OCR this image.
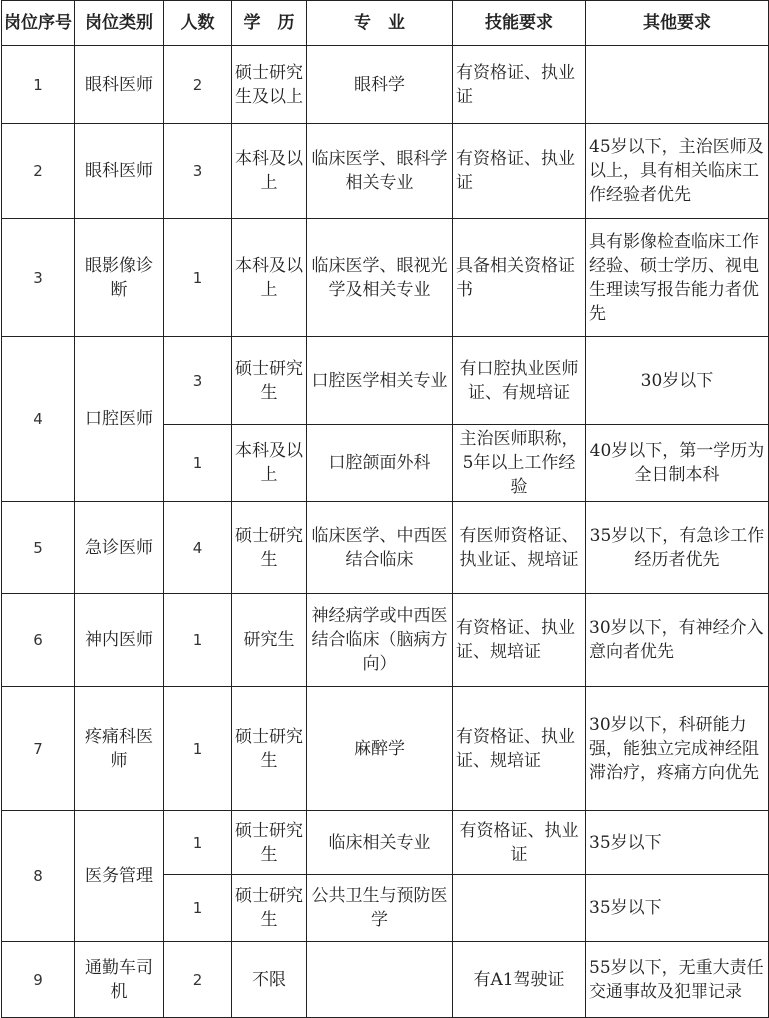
岗位序号	岗位类别	人数	学　历	专　业	技能要求	其他要求
1	眼科医师	2	硕士研究生及以上	眼科学	有资格证、执业证	
2	眼科医师	3	本科及以上	临床医学、眼科学相关专业	有资格证、执业证	45岁以下，主治医师及以上，具有相关临床工作经验者优先
3	眼影像诊断	1	本科及以上	临床医学、眼视光学及相关专业	具备相关资格证书	具有影像检查临床工作经验、硕士学历、视电生理读写报告能力者优先
4	口腔医师	3	硕士研究生	口腔医学相关专业	有口腔执业医师证、有规培证	30岁以下
		1	本科及以上	口腔颌面外科	主治医师职称，5年以上工作经验	40岁以下，第一学历为全日制本科
5	急诊医师	4	硕士研究生	临床医学、中西医结合临床	有医师资格证、执业证、规培证	35岁以下，有急诊工作经历者优先
6	神内医师	1	研究生	神经病学或中西医结合临床（脑病方向）	有资格证、执业证、规培证	30岁以下，有神经介入意向者优先
7	疼痛科医师	1	硕士研究生	麻醉学	有资格证、执业证、规培证	30岁以下，科研能力强，能独立完成神经阻滞治疗，疼痛方向优先
8	医务管理	1	硕士研究生	临床相关专业	有资格证、执业证	35岁以下
		1	硕士研究生	公共卫生与预防医学		35岁以下
9	通勤车司机	2	不限		有A1驾驶证	55岁以下，无重大责任交通事故及犯罪记录
